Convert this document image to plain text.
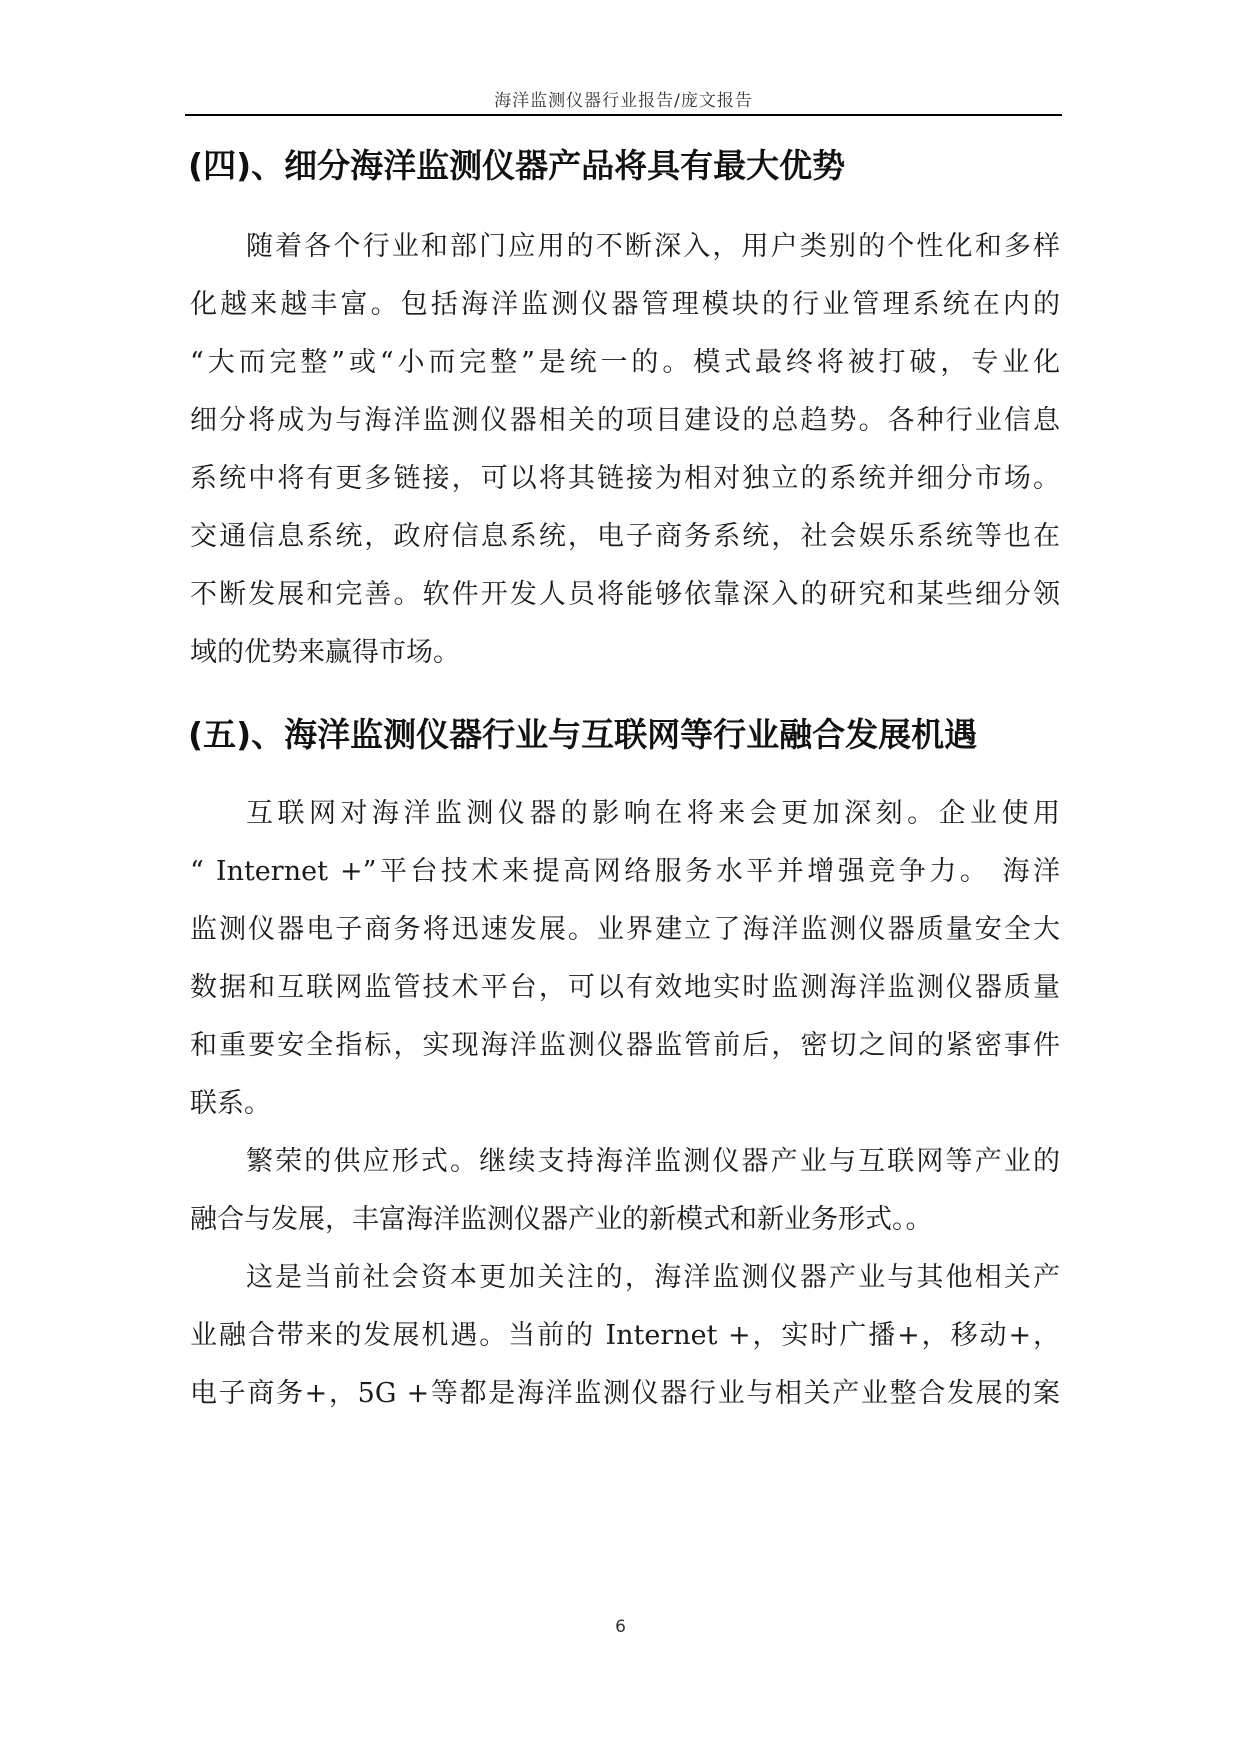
海洋监测仪器行业报告/庞文报告
(四)、细分海洋监测仪器产品将具有最大优势

随着各个行业和部门应用的不断深入，用户类别的个性化和多样

化越来越丰富。包括海洋监测仪器管理模块的行业管理系统在内的

“大而完整”或“小而完整”是统一的。模式最终将被打破，专业化

细分将成为与海洋监测仪器相关的项目建设的总趋势。各种行业信息

系统中将有更多链接，可以将其链接为相对独立的系统并细分市场。

交通信息系统，政府信息系统，电子商务系统，社会娱乐系统等也在

不断发展和完善。软件开发人员将能够依靠深入的研究和某些细分领

域的优势来赢得市场。

(五)、海洋监测仪器行业与互联网等行业融合发展机遇

互联网对海洋监测仪器的影响在将来会更加深刻。企业使用

“ Internet +”平台技术来提高网络服务水平并增强竞争力。 海洋

监测仪器电子商务将迅速发展。业界建立了海洋监测仪器质量安全大

数据和互联网监管技术平台，可以有效地实时监测海洋监测仪器质量

和重要安全指标，实现海洋监测仪器监管前后，密切之间的紧密事件

联系。

繁荣的供应形式。继续支持海洋监测仪器产业与互联网等产业的

融合与发展，丰富海洋监测仪器产业的新模式和新业务形式。。

这是当前社会资本更加关注的，海洋监测仪器产业与其他相关产

业融合带来的发展机遇。当前的 Internet +，实时广播+，移动+，

电子商务+，5G +等都是海洋监测仪器行业与相关产业整合发展的案

6
